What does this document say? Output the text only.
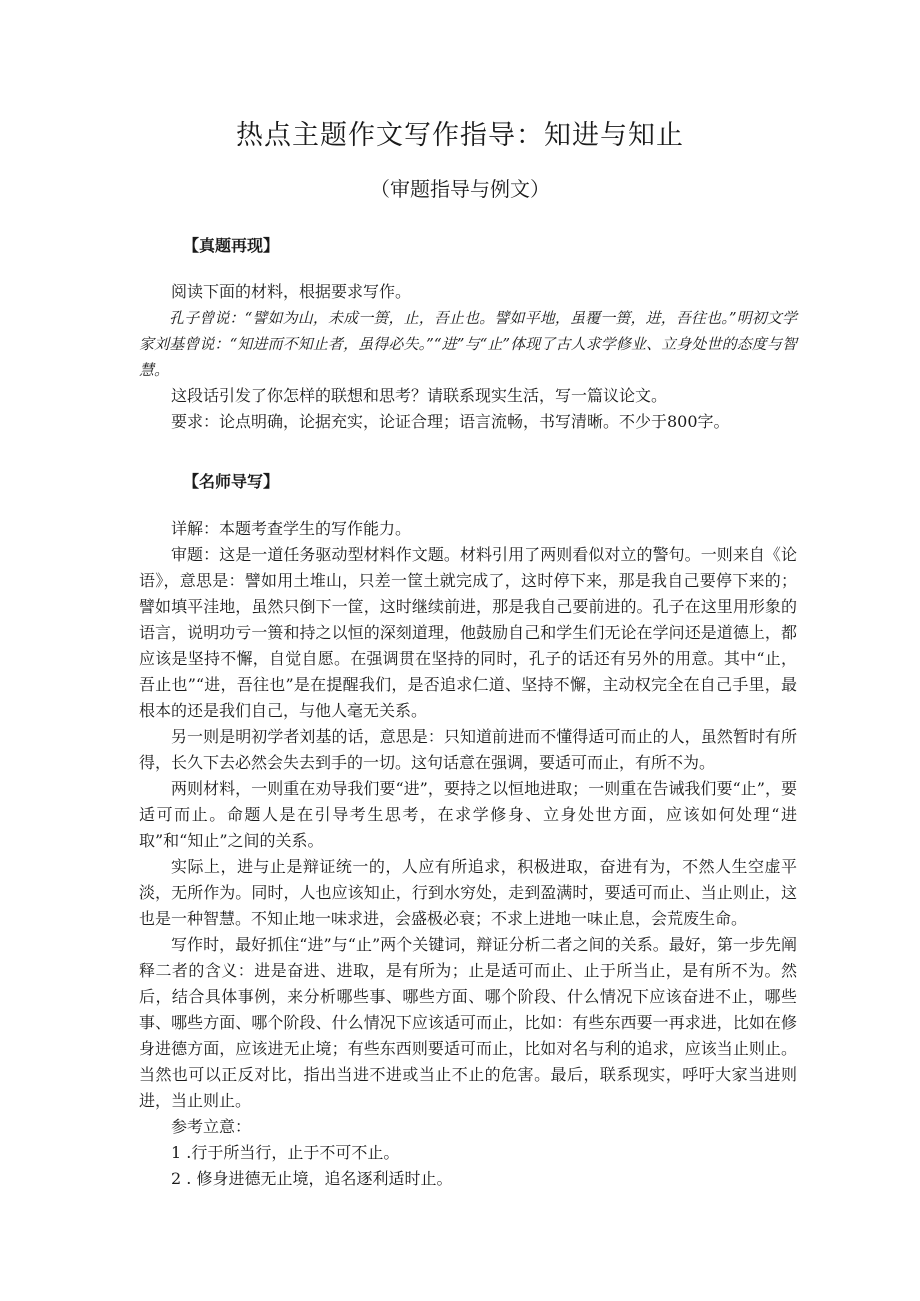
热点主题作文写作指导：知进与知止
（审题指导与例文）
【真题再现】

阅读下面的材料，根据要求写作。

孔子曾说：“譬如为山，未成一篑，止，吾止也。譬如平地，虽覆一篑，进，吾往也。”明初文学家刘基曾说：“知进而不知止者，虽得必失。”“进”与“止”体现了古人求学修业、立身处世的态度与智慧。

这段话引发了你怎样的联想和思考？请联系现实生活，写一篇议论文。

要求：论点明确，论据充实，论证合理；语言流畅，书写清晰。不少于800字。

【名师导写】

详解：本题考查学生的写作能力。

审题：这是一道任务驱动型材料作文题。材料引用了两则看似对立的警句。一则来自《论语》，意思是：譬如用土堆山，只差一筐土就完成了，这时停下来，那是我自己要停下来的；譬如填平洼地，虽然只倒下一筐，这时继续前进，那是我自己要前进的。孔子在这里用形象的语言，说明功亏一篑和持之以恒的深刻道理，他鼓励自己和学生们无论在学问还是道德上，都应该是坚持不懈，自觉自愿。在强调贯在坚持的同时，孔子的话还有另外的用意。其中“止，吾止也”“进，吾往也”是在提醒我们，是否追求仁道、坚持不懈，主动权完全在自己手里，最根本的还是我们自己，与他人毫无关系。

另一则是明初学者刘基的话，意思是：只知道前进而不懂得适可而止的人，虽然暂时有所得，长久下去必然会失去到手的一切。这句话意在强调，要适可而止，有所不为。

两则材料，一则重在劝导我们要“进”，要持之以恒地进取；一则重在告诫我们要“止”，要适可而止。命题人是在引导考生思考，在求学修身、立身处世方面，应该如何处理“进取”和“知止”之间的关系。

实际上，进与止是辩证统一的，人应有所追求，积极进取，奋进有为，不然人生空虚平淡，无所作为。同时，人也应该知止，行到水穷处，走到盈满时，要适可而止、当止则止，这也是一种智慧。不知止地一味求进，会盛极必衰；不求上进地一味止息，会荒废生命。

写作时，最好抓住“进”与“止”两个关键词，辩证分析二者之间的关系。最好，第一步先阐释二者的含义：进是奋进、进取，是有所为；止是适可而止、止于所当止，是有所不为。然后，结合具体事例，来分析哪些事、哪些方面、哪个阶段、什么情况下应该奋进不止，哪些事、哪些方面、哪个阶段、什么情况下应该适可而止，比如：有些东西要一再求进，比如在修身进德方面，应该进无止境；有些东西则要适可而止，比如对名与利的追求，应该当止则止。当然也可以正反对比，指出当进不进或当止不止的危害。最后，联系现实，呼吁大家当进则进，当止则止。

参考立意：

1 .行于所当行，止于不可不止。

2 . 修身进德无止境，追名逐利适时止。
